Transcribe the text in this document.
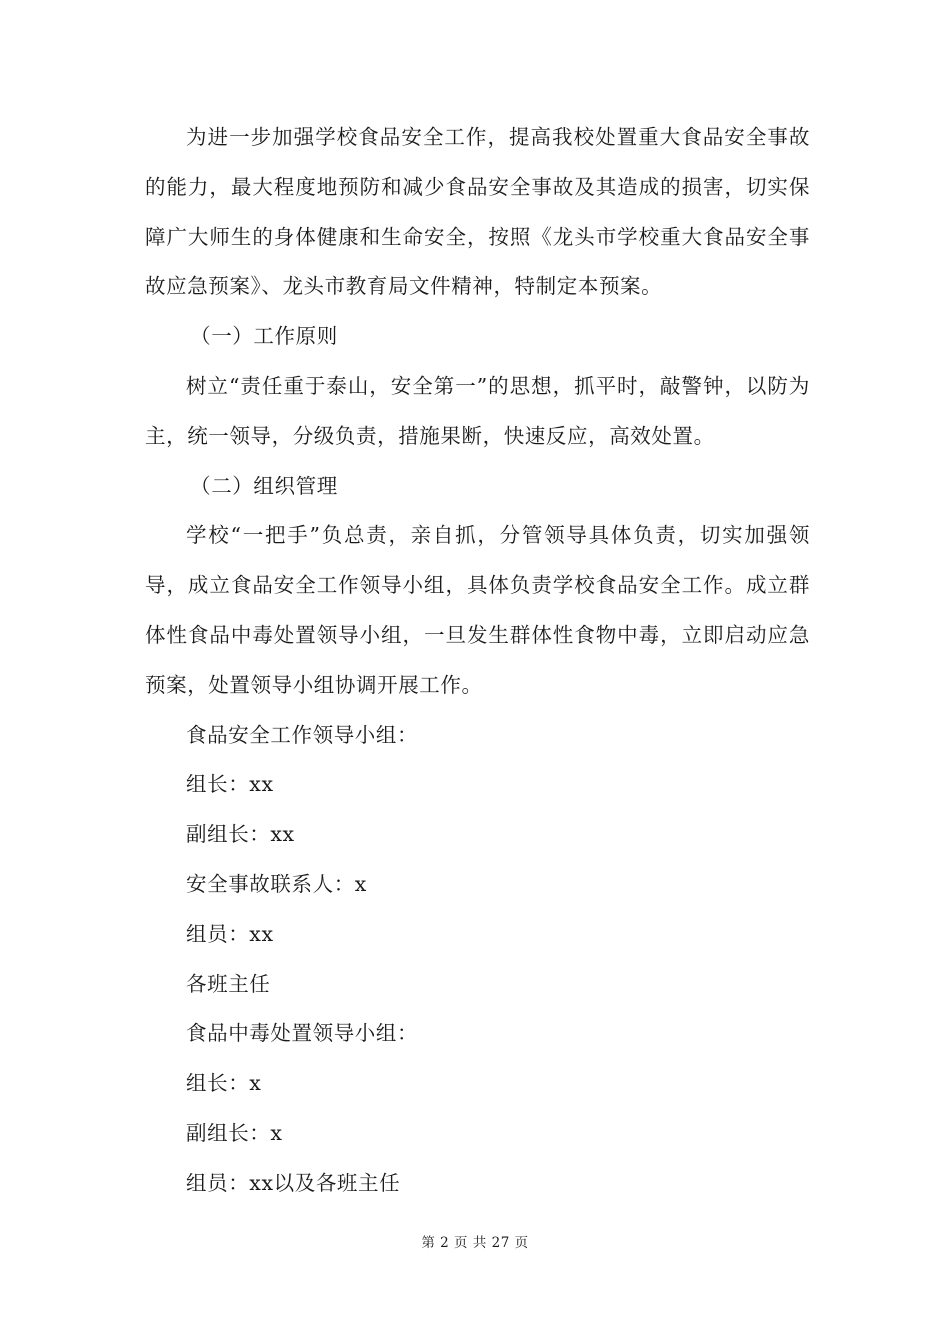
为进一步加强学校食品安全工作，提高我校处置重大食品安全事故的能力，最大程度地预防和减少食品安全事故及其造成的损害，切实保障广大师生的身体健康和生命安全，按照《龙头市学校重大食品安全事故应急预案》、龙头市教育局文件精神，特制定本预案。

（一）工作原则

树立“责任重于泰山，安全第一”的思想，抓平时，敲警钟，以防为主，统一领导，分级负责，措施果断，快速反应，高效处置。

（二）组织管理

学校“一把手”负总责，亲自抓，分管领导具体负责，切实加强领导，成立食品安全工作领导小组，具体负责学校食品安全工作。成立群体性食品中毒处置领导小组，一旦发生群体性食物中毒，立即启动应急预案，处置领导小组协调开展工作。

食品安全工作领导小组：

组长：xx

副组长：xx

安全事故联系人：x

组员：xx

各班主任

食品中毒处置领导小组：

组长：x

副组长：x

组员：xx以及各班主任

第 2 页 共 27 页
